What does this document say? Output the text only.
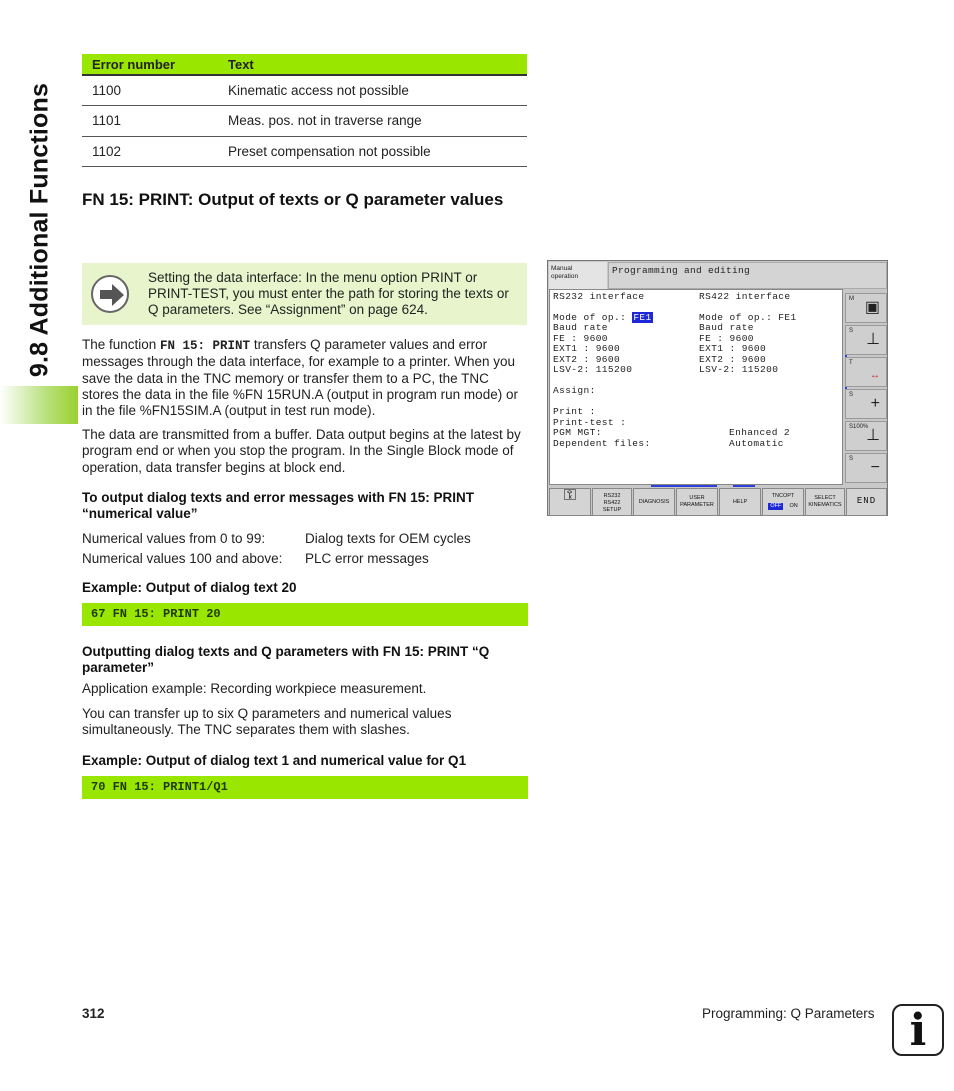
9.8 Additional Functions
Error number	Text
1100	Kinematic access not possible
1101	Meas. pos. not in traverse range
1102	Preset compensation not possible
FN 15: PRINT: Output of texts or Q parameter values

Setting the data interface: In the menu option PRINT or PRINT-TEST, you must enter the path for storing the texts or Q parameters. See “Assignment” on page 624.

The function FN 15: PRINT transfers Q parameter values and error messages through the data interface, for example to a printer. When you save the data in the TNC memory or transfer them to a PC, the TNC stores the data in the file %FN 15RUN.A (output in program run mode) or in the file %FN15SIM.A (output in test run mode).

The data are transmitted from a buffer. Data output begins at the latest by program end or when you stop the program. In the Single Block mode of operation, data transfer begins at block end.

To output dialog texts and error messages with FN 15: PRINT “numerical value”

Numerical values from 0 to 99:	Dialog texts for OEM cycles
Numerical values 100 and above: PLC error messages

Example: Output of dialog text 20

67 FN 15: PRINT 20

Outputting dialog texts and Q parameters with FN 15: PRINT “Q parameter”

Application example: Recording workpiece measurement.

You can transfer up to six Q parameters and numerical values simultaneously. The TNC separates them with slashes.

Example: Output of dialog text 1 and numerical value for Q1

70 FN 15: PRINT1/Q1
Manual
operation
Programming and editing
RS232 interface	RS422 interface
Mode of op.: FE1	Mode of op.: FE1
Baud rate	Baud rate
FE : 9600	FE : 9600
EXT1 : 9600	EXT1 : 9600
EXT2 : 9600	EXT2 : 9600
LSV-2: 115200	LSV-2: 115200
Assign:
Print :
Print-test :
PGM MGT:	Enhanced 2
Dependent files:	Automatic
M ▣
S ⊥
T
↔
S +
S100%
⊥
S −
⚿	RS232
RS422
SETUP
DIAGNOSIS
USER
PARAMETER	HELP
TNCOPT
OFF ON
SELECT
KINEMATICS	END
312	Programming: Q Parameters i
